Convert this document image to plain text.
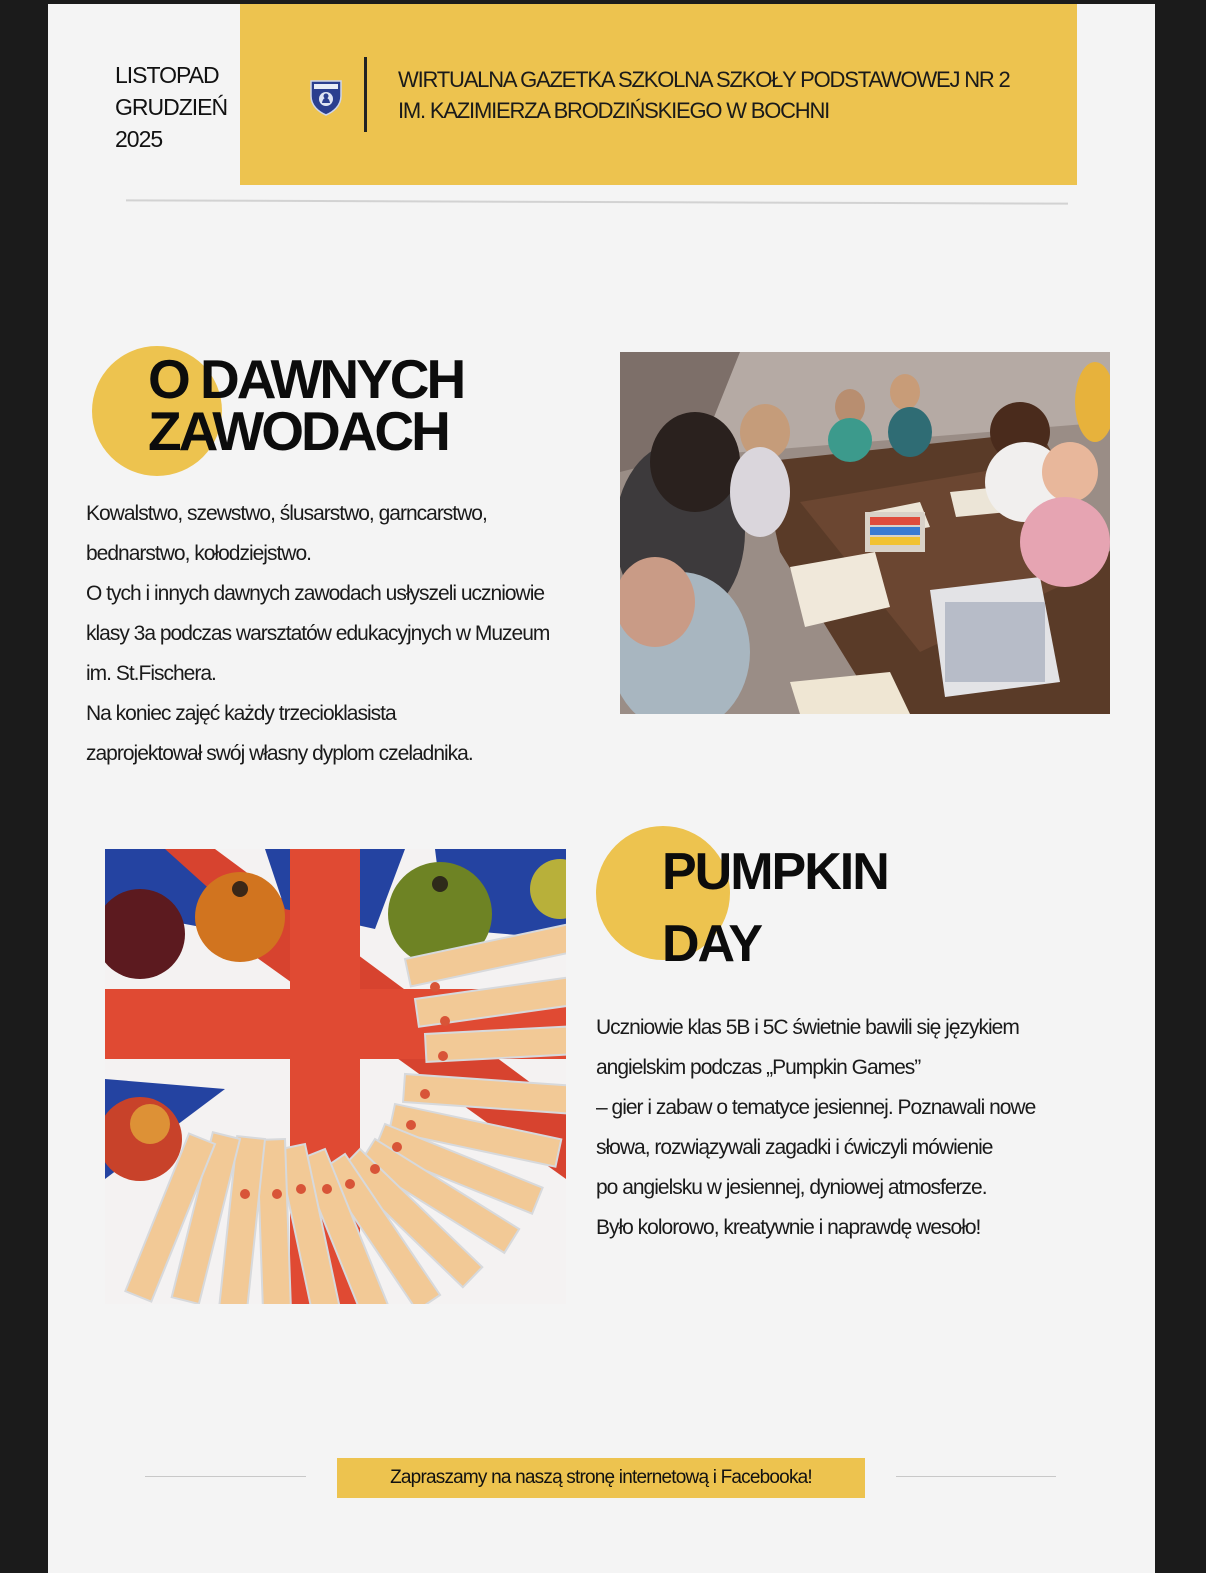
LISTOPAD
GRUDZIEŃ
2025
WIRTUALNA GAZETKA SZKOLNA SZKOŁY PODSTAWOWEJ NR 2
IM. KAZIMIERZA BRODZIŃSKIEGO W BOCHNI
O DAWNYCH
ZAWODACH
Kowalstwo, szewstwo, ślusarstwo, garncarstwo,
bednarstwo, kołodziejstwo.
O tych i innych dawnych zawodach usłyszeli uczniowie
klasy 3a podczas warsztatów edukacyjnych w Muzeum
im. St.Fischera.
Na koniec zajęć każdy trzecioklasista
zaprojektował swój własny dyplom czeladnika.
PUMPKIN
DAY
Uczniowie klas 5B i 5C świetnie bawili się językiem
angielskim podczas „Pumpkin Games”
– gier i zabaw o tematyce jesiennej. Poznawali nowe
słowa, rozwiązywali zagadki i ćwiczyli mówienie
po angielsku w jesiennej, dyniowej atmosferze.
Było kolorowo, kreatywnie i naprawdę wesoło!
Zapraszamy na naszą stronę internetową i Facebooka!
